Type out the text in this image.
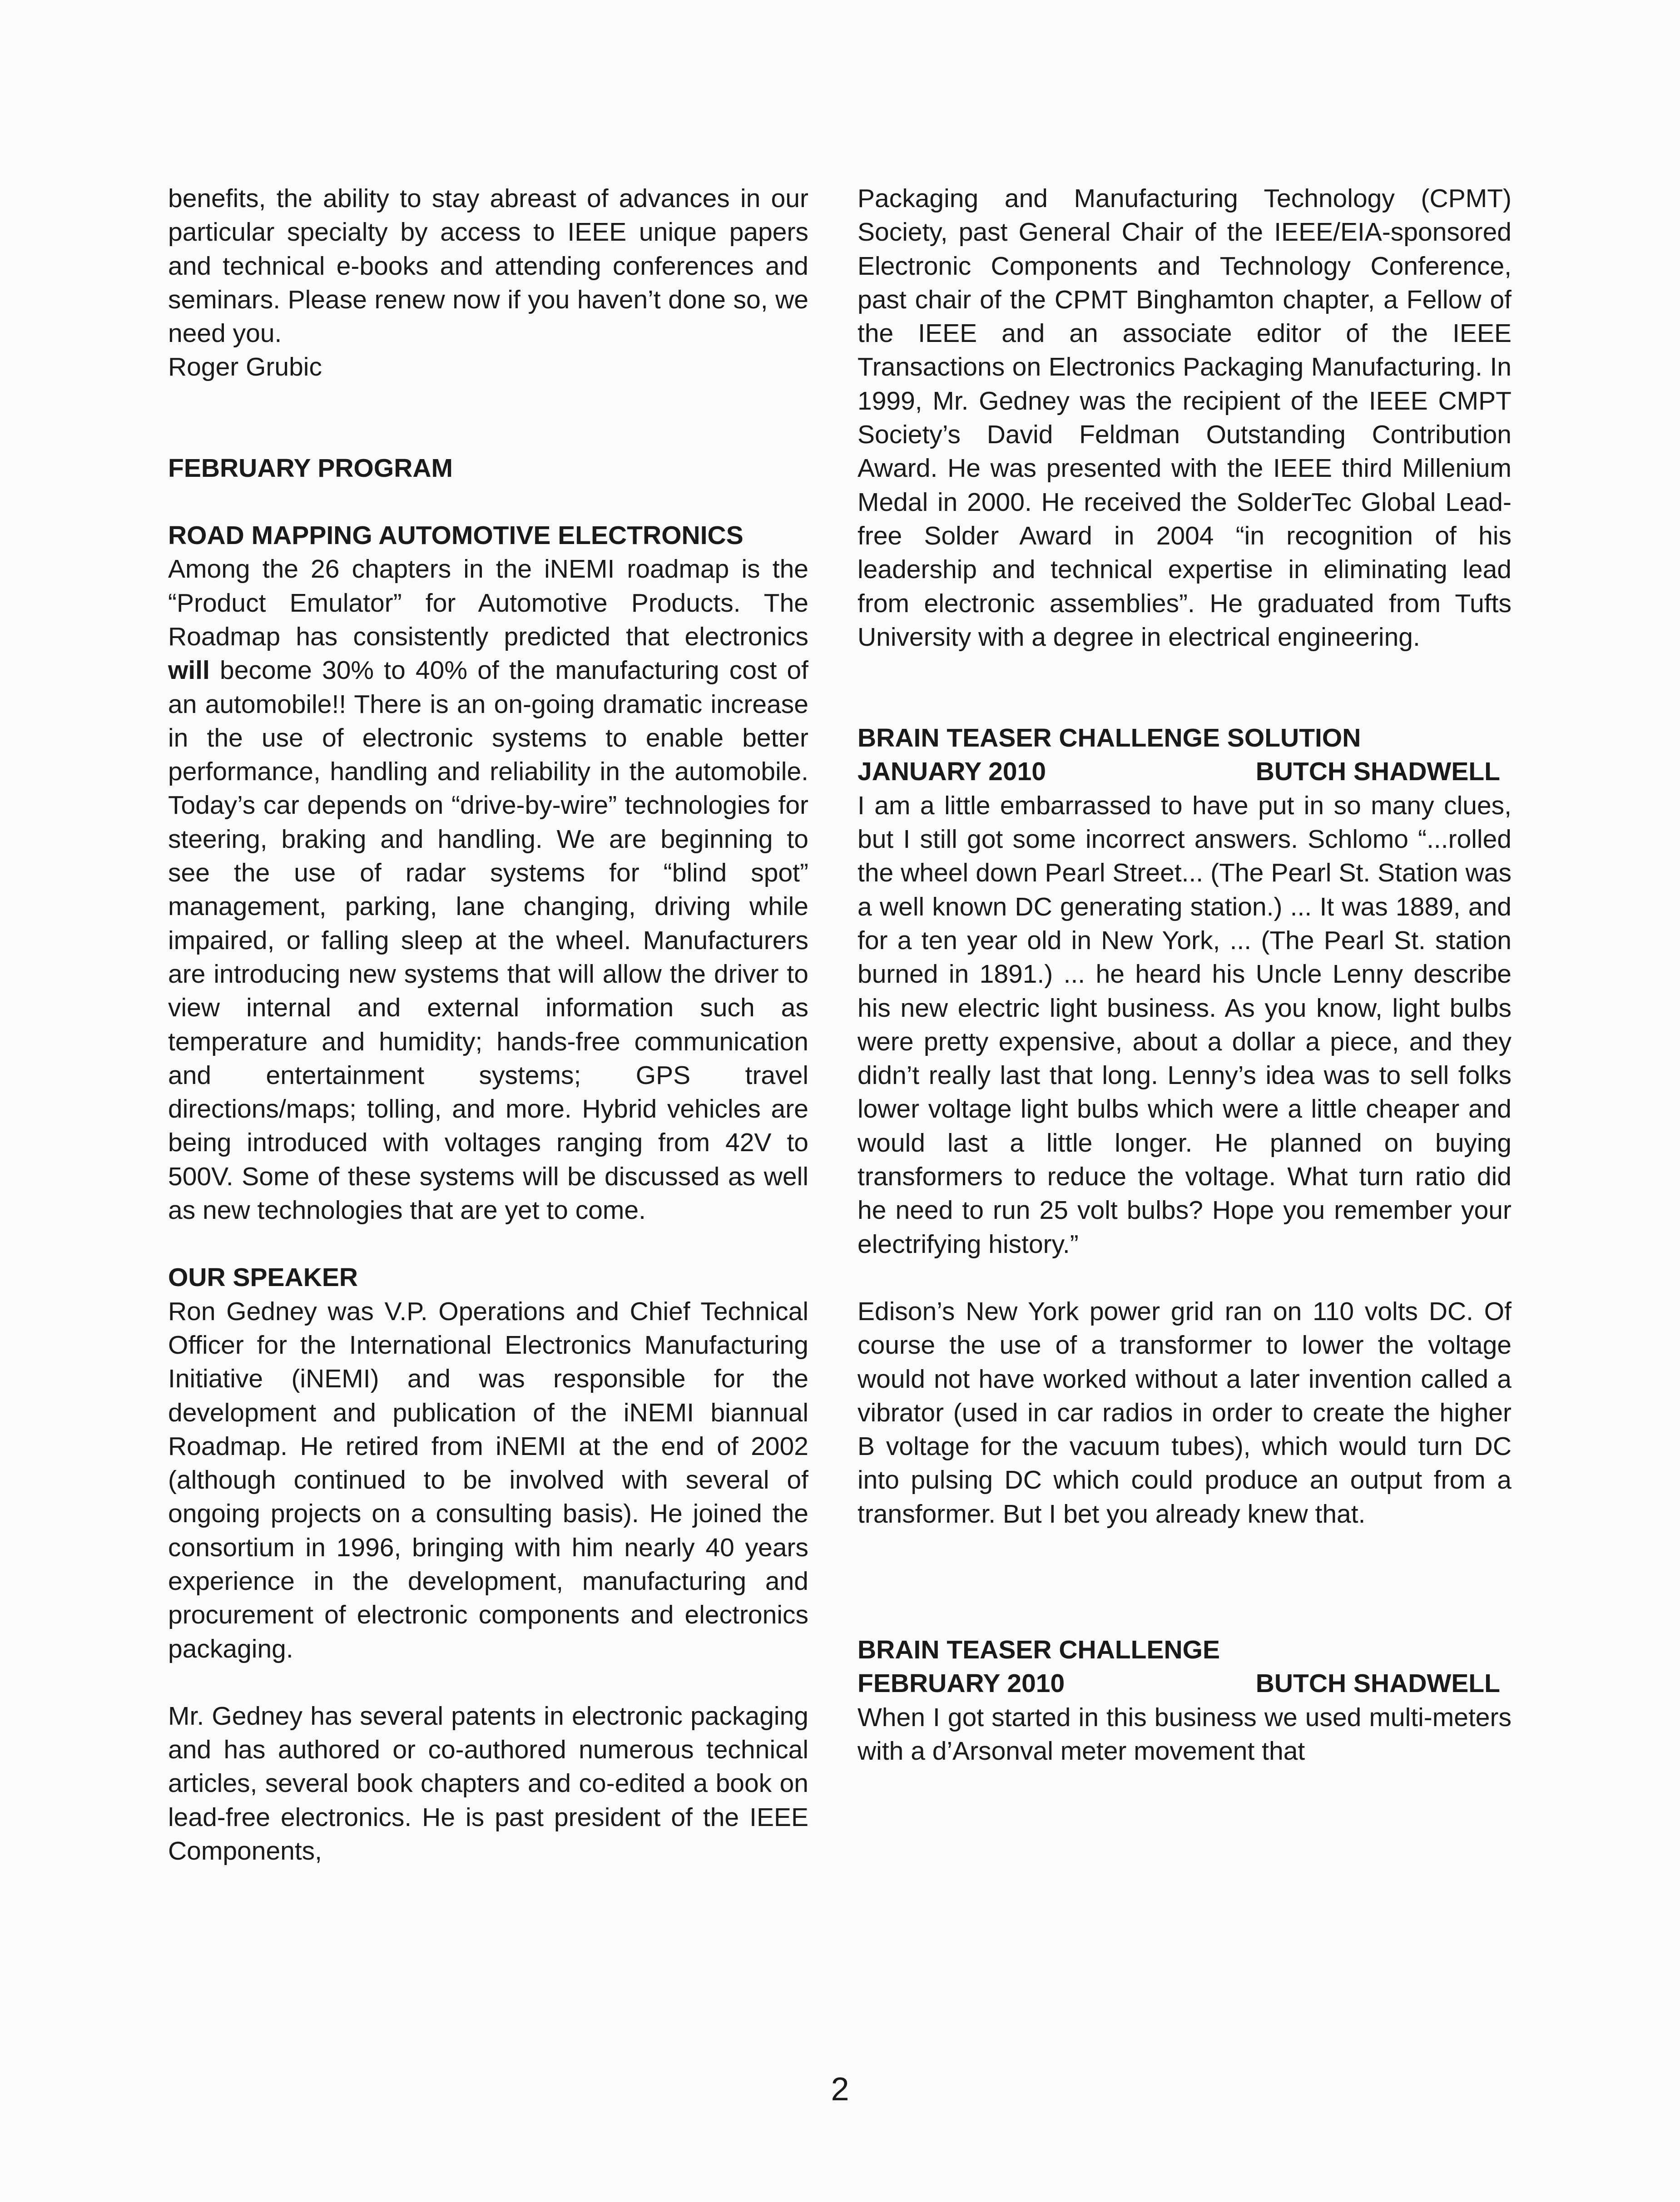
benefits, the ability to stay abreast of advances in our particular specialty by access to IEEE unique papers and technical e-books and attending conferences and seminars. Please renew now if you haven’t done so, we need you.

Roger Grubic
FEBRUARY PROGRAM
ROAD MAPPING AUTOMOTIVE ELECTRONICS

Among the 26 chapters in the iNEMI roadmap is the “Product Emulator” for Automotive Products. The Roadmap has consistently predicted that electronics will become 30% to 40% of the manufacturing cost of an automobile!! There is an on-going dramatic increase in the use of electronic systems to enable better performance, handling and reliability in the automobile. Today’s car depends on “drive-by-wire” technologies for steering, braking and handling. We are beginning to see the use of radar systems for “blind spot” management, parking, lane changing, driving while impaired, or falling sleep at the wheel. Manufacturers are introducing new systems that will allow the driver to view internal and external information such as temperature and humidity; hands-free communication and entertainment systems; GPS travel directions/maps; tolling, and more. Hybrid vehicles are being introduced with voltages ranging from 42V to 500V. Some of these systems will be discussed as well as new technologies that are yet to come.

OUR SPEAKER

Ron Gedney was V.P. Operations and Chief Technical Officer for the International Electronics Manufacturing Initiative (iNEMI) and was responsible for the development and publication of the iNEMI biannual Roadmap. He retired from iNEMI at the end of 2002 (although continued to be involved with several of ongoing projects on a consulting basis). He joined the consortium in 1996, bringing with him nearly 40 years experience in the development, manufacturing and procurement of electronic components and electronics packaging.

Mr. Gedney has several patents in electronic packaging and has authored or co-authored numerous technical articles, several book chapters and co-edited a book on lead-free electronics. He is past president of the IEEE Components,

Packaging and Manufacturing Technology (CPMT) Society, past General Chair of the IEEE/EIA-sponsored Electronic Components and Technology Conference, past chair of the CPMT Binghamton chapter, a Fellow of the IEEE and an associate editor of the IEEE Transactions on Electronics Packaging Manufacturing. In 1999, Mr. Gedney was the recipient of the IEEE CMPT Society’s David Feldman Outstanding Contribution Award. He was presented with the IEEE third Millenium Medal in 2000. He received the SolderTec Global Lead-free Solder Award in 2004 “in recognition of his leadership and technical expertise in eliminating lead from electronic assemblies”. He graduated from Tufts University with a degree in electrical engineering.

BRAIN TEASER CHALLENGE SOLUTION
JANUARY 2010	BUTCH SHADWELL

I am a little embarrassed to have put in so many clues, but I still got some incorrect answers. Schlomo “...rolled the wheel down Pearl Street... (The Pearl St. Station was a well known DC generating station.) ... It was 1889, and for a ten year old in New York, ... (The Pearl St. station burned in 1891.) ... he heard his Uncle Lenny describe his new electric light business. As you know, light bulbs were pretty expensive, about a dollar a piece, and they didn’t really last that long. Lenny’s idea was to sell folks lower voltage light bulbs which were a little cheaper and would last a little longer. He planned on buying transformers to reduce the voltage. What turn ratio did he need to run 25 volt bulbs? Hope you remember your electrifying history.”

Edison’s New York power grid ran on 110 volts DC. Of course the use of a transformer to lower the voltage would not have worked without a later invention called a vibrator (used in car radios in order to create the higher B voltage for the vacuum tubes), which would turn DC into pulsing DC which could produce an output from a transformer. But I bet you already knew that.

BRAIN TEASER CHALLENGE
FEBRUARY 2010	BUTCH SHADWELL

When I got started in this business we used multi-meters with a d’Arsonval meter movement that

2
